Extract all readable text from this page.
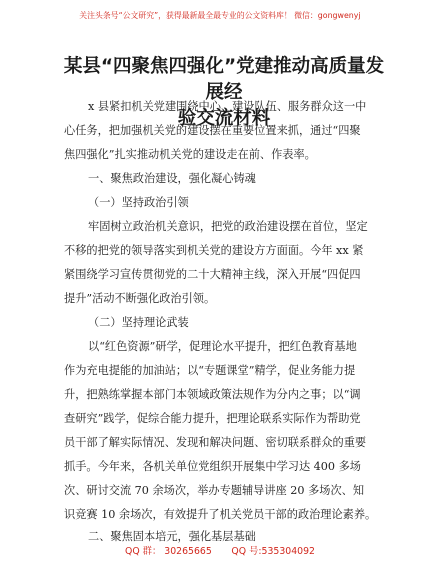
关注头条号“公文研究”，获得最新最全最专业的公文资料库！ 微信：gongwenyj
某县“四聚焦四强化”党建推动高质量发展经
验交流材料
x 县紧扣机关党建围绕中心、建设队伍、服务群众这一中
心任务，把加强机关党的建设摆在重要位置来抓，通过“四聚
焦四强化”扎实推动机关党的建设走在前、作表率。
一、聚焦政治建设，强化凝心铸魂
（一）坚持政治引领
牢固树立政治机关意识，把党的政治建设摆在首位，坚定
不移的把党的领导落实到机关党的建设方方面面。今年 xx 紧
紧围绕学习宣传贯彻党的二十大精神主线，深入开展“四促四
提升”活动不断强化政治引领。
（二）坚持理论武装
以“红色资源”研学，促理论水平提升，把红色教育基地
作为充电提能的加油站；以“专题课堂”精学，促业务能力提
升，把熟练掌握本部门本领域政策法规作为分内之事；以“调
查研究”践学，促综合能力提升，把理论联系实际作为帮助党
员干部了解实际情况、发现和解决问题、密切联系群众的重要
抓手。今年来，各机关单位党组织开展集中学习达 400 多场
次、研讨交流 70 余场次，举办专题辅导讲座 20 多场次、知
识竞赛 10 余场次，有效提升了机关党员干部的政治理论素养。
二、聚焦固本培元，强化基层基础
QQ 群： 30265665 QQ 号:535304092
